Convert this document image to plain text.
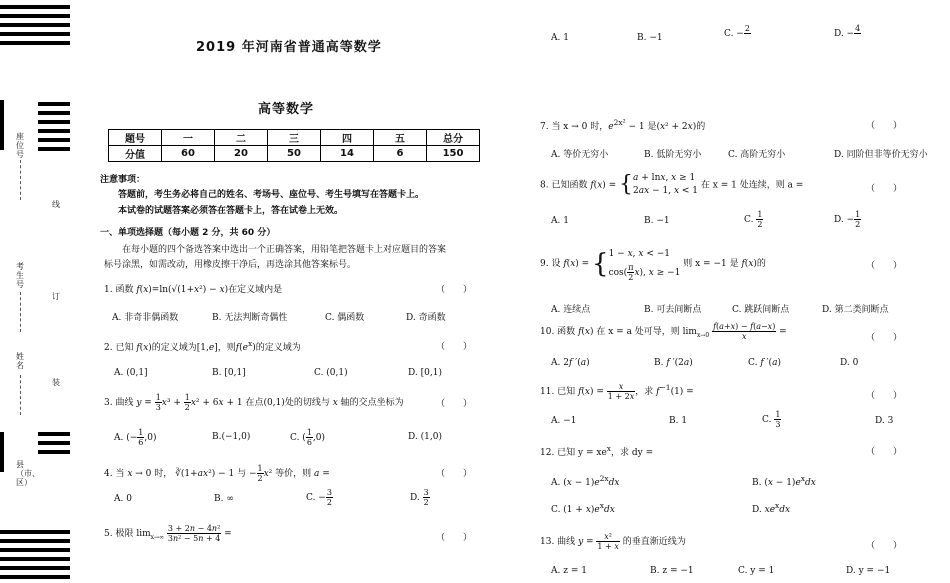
座位号
考生号
姓名
县（市、区）
线
订
装
2019 年河南省普通高等数学
高等数学
题号	一	二	三	四	五	总分
分值	60	20	50	14	6	150
注意事项：
答题前，考生务必将自己的姓名、考场号、座位号、考生号填写在答题卡上。
本试卷的试题答案必须答在答题卡上，答在试卷上无效。
一、单项选择题（每小题 2 分，共 60 分）
在每小题的四个备选答案中选出一个正确答案，用铅笔把答题卡上对应题目的答案
标号涂黑，如需改动，用橡皮擦干净后，再选涂其他答案标号。
1. 函数 f(x)=ln(√(1+x²) − x)在定义域内是	（　　）
A. 非奇非偶函数	B. 无法判断奇偶性	C. 偶函数	D. 奇函数
2. 已知 f(x)的定义域为[1,e]，则$f(e^x)$的定义域为	（　　）
A. (0,1]	B. [0,1]	C. (0,1)	D. [0,1)
3. 曲线 $y = \frac{1}{3} x^3 + \frac{1}{2} x^2 + 6x + 1$ 在点(0,1)处的切线与 x 轴的交点坐标为	（　　）
A. (− $\frac{1}{6} ,0$)	B.(−1,0)	C. ( $\frac{1}{6} ,0$)	D. (1,0)
4. 当 x → 0 时， ∛(1+ax²) − 1 与 − $\frac{1}{2} x^2$ 等价，则 a =	（　　）
A. 0	B. ∞	C. − $\frac{3}{2}$	D. $\frac{3}{2}$
5. 极限 $\lim_{x\to\infty} \frac{\text{3 + 2n − 4n²}}{\text{3n² − 5n + 4}}$ =	（　　）
A. 1	B. −1	C. −
2

D. −
4

7. 当 x → 0 时，$e^{2x^2} - 1$ 是(x² + 2x)的	（　　）
A. 等价无穷小	B. 低阶无穷小	C. 高阶无穷小	D. 同阶但非等价无穷小
8. 已知函数 f(x) = {a + lnx, x ≥ 1
2ax − 1, x < 1 在 x = 1 处连续，则 a =	（　　）
A. 1	B. −1	C. $\frac{1}{2}$	D. − $\frac{1}{2}$
9. 设 f(x) = {1 − x, x < −1
$\cos( \frac{\pi}{2} x)$, x ≥ −1 则 x = −1 是 f(x)的	（　　）
A. 连续点	B. 可去间断点	C. 跳跃间断点	D. 第二类间断点
10. 函数 f(x) 在 x = a 处可导，则 $\lim_{x\to 0} \frac{f(a+x) - f(a-x)}{x}$ =
（　　）
A. 2f ′(a)	B. f ′(2a)	C. f ′(a)	D. 0
11. 已知 $f(x) = \frac{x}{1 + 2x}$ ，求 $f^{-1}(1)$ =	（　　）
A. −1	B. 1	C. $\frac{1}{3}$	D. 3
12. 已知 $y = xe^x$，求 dy =	（　　）
A. $(x - 1)e^{2x}dx$	B. $(x - 1)e^xdx$
C. $(1 + x)e^xdx$	D. $xe^xdx$
13. 曲线 $y = \frac{\text{x²}}{1 + x}$ 的垂直渐近线为	（　　）
A. z = 1	B. z = −1	C. y = 1	D. y = −1
